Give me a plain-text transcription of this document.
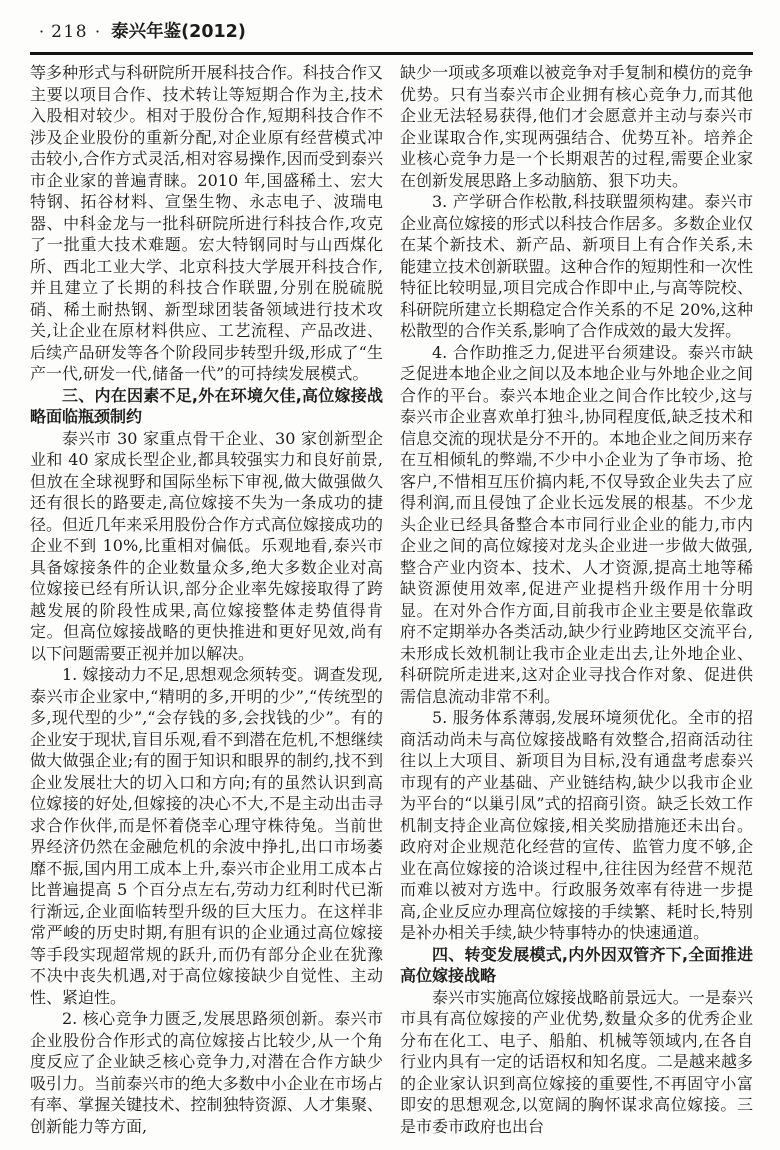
· 218 · 泰兴年鉴(2012)

等多种形式与科研院所开展科技合作。科技合作又主要以项目合作、技术转让等短期合作为主,技术入股相对较少。相对于股份合作,短期科技合作不涉及企业股份的重新分配,对企业原有经营模式冲击较小,合作方式灵活,相对容易操作,因而受到泰兴市企业家的普遍青睐。2010 年,国盛稀土、宏大特钢、拓谷材料、宣堡生物、永志电子、波瑞电器、中科金龙与一批科研院所进行科技合作,攻克了一批重大技术难题。宏大特钢同时与山西煤化所、西北工业大学、北京科技大学展开科技合作,并且建立了长期的科技合作联盟,分别在脱硫脱硝、稀土耐热钢、新型球团装备领域进行技术攻关,让企业在原材料供应、工艺流程、产品改进、后续产品研发等各个阶段同步转型升级,形成了“生产一代,研发一代,储备一代”的可持续发展模式。

三、内在因素不足,外在环境欠佳,高位嫁接战略面临瓶颈制约

泰兴市 30 家重点骨干企业、30 家创新型企业和 40 家成长型企业,都具较强实力和良好前景,但放在全球视野和国际坐标下审视,做大做强做久还有很长的路要走,高位嫁接不失为一条成功的捷径。但近几年来采用股份合作方式高位嫁接成功的企业不到 10%,比重相对偏低。乐观地看,泰兴市具备嫁接条件的企业数量众多,绝大多数企业对高位嫁接已经有所认识,部分企业率先嫁接取得了跨越发展的阶段性成果,高位嫁接整体走势值得肯定。但高位嫁接战略的更快推进和更好见效,尚有以下问题需要正视并加以解决。

1. 嫁接动力不足,思想观念须转变。调查发现,泰兴市企业家中,“精明的多,开明的少”,“传统型的多,现代型的少”,“会存钱的多,会找钱的少”。有的企业安于现状,盲目乐观,看不到潜在危机,不想继续做大做强企业;有的囿于知识和眼界的制约,找不到企业发展壮大的切入口和方向;有的虽然认识到高位嫁接的好处,但嫁接的决心不大,不是主动出击寻求合作伙伴,而是怀着侥幸心理守株待兔。当前世界经济仍然在金融危机的余波中挣扎,出口市场萎靡不振,国内用工成本上升,泰兴市企业用工成本占比普遍提高 5 个百分点左右,劳动力红利时代已渐行渐远,企业面临转型升级的巨大压力。在这样非常严峻的历史时期,有胆有识的企业通过高位嫁接等手段实现超常规的跃升,而仍有部分企业在犹豫不决中丧失机遇,对于高位嫁接缺少自觉性、主动性、紧迫性。

2. 核心竞争力匮乏,发展思路须创新。泰兴市企业股份合作形式的高位嫁接占比较少,从一个角度反应了企业缺乏核心竞争力,对潜在合作方缺少吸引力。当前泰兴市的绝大多数中小企业在市场占有率、掌握关键技术、控制独特资源、人才集聚、创新能力等方面,

缺少一项或多项难以被竞争对手复制和模仿的竞争优势。只有当泰兴市企业拥有核心竞争力,而其他企业无法轻易获得,他们才会愿意并主动与泰兴市企业谋取合作,实现两强结合、优势互补。培养企业核心竞争力是一个长期艰苦的过程,需要企业家在创新发展思路上多动脑筋、狠下功夫。

3. 产学研合作松散,科技联盟须构建。泰兴市企业高位嫁接的形式以科技合作居多。多数企业仅在某个新技术、新产品、新项目上有合作关系,未能建立技术创新联盟。这种合作的短期性和一次性特征比较明显,项目完成合作即中止,与高等院校、科研院所建立长期稳定合作关系的不足 20%,这种松散型的合作关系,影响了合作成效的最大发挥。

4. 合作助推乏力,促进平台须建设。泰兴市缺乏促进本地企业之间以及本地企业与外地企业之间合作的平台。泰兴本地企业之间合作比较少,这与泰兴市企业喜欢单打独斗,协同程度低,缺乏技术和信息交流的现状是分不开的。本地企业之间历来存在互相倾轧的弊端,不少中小企业为了争市场、抢客户,不惜相互压价搞内耗,不仅导致企业失去了应得利润,而且侵蚀了企业长远发展的根基。不少龙头企业已经具备整合本市同行业企业的能力,市内企业之间的高位嫁接对龙头企业进一步做大做强,整合产业内资本、技术、人才资源,提高土地等稀缺资源使用效率,促进产业提档升级作用十分明显。在对外合作方面,目前我市企业主要是依靠政府不定期举办各类活动,缺少行业跨地区交流平台,未形成长效机制让我市企业走出去,让外地企业、科研院所走进来,这对企业寻找合作对象、促进供需信息流动非常不利。

5. 服务体系薄弱,发展环境须优化。全市的招商活动尚未与高位嫁接战略有效整合,招商活动往往以上大项目、新项目为目标,没有通盘考虑泰兴市现有的产业基础、产业链结构,缺少以我市企业为平台的“以巢引凤”式的招商引资。缺乏长效工作机制支持企业高位嫁接,相关奖励措施还未出台。政府对企业规范化经营的宣传、监管力度不够,企业在高位嫁接的洽谈过程中,往往因为经营不规范而难以被对方选中。行政服务效率有待进一步提高,企业反应办理高位嫁接的手续繁、耗时长,特别是补办相关手续,缺少特事特办的快速通道。

四、转变发展模式,内外因双管齐下,全面推进高位嫁接战略

泰兴市实施高位嫁接战略前景远大。一是泰兴市具有高位嫁接的产业优势,数量众多的优秀企业分布在化工、电子、船舶、机械等领域内,在各自行业内具有一定的话语权和知名度。二是越来越多的企业家认识到高位嫁接的重要性,不再固守小富即安的思想观念,以宽阔的胸怀谋求高位嫁接。三是市委市政府也出台
